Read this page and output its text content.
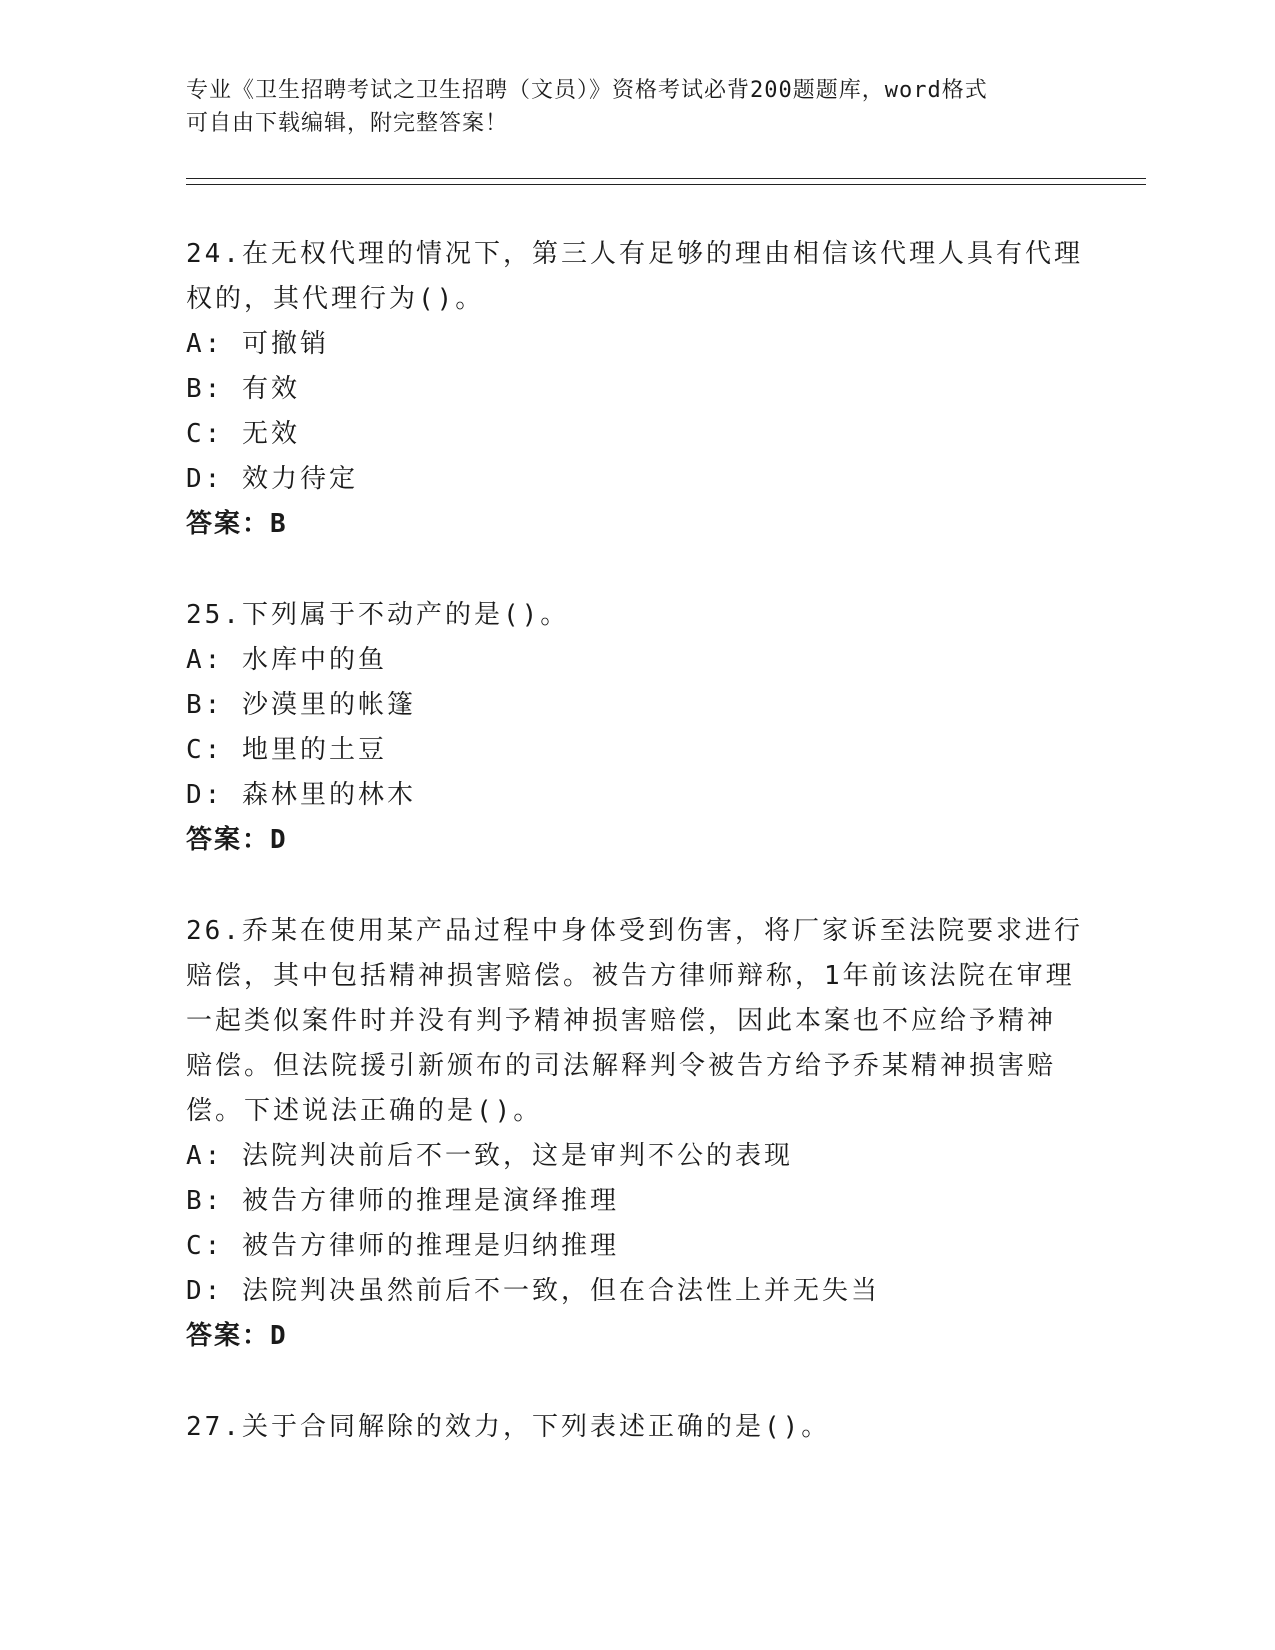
专业《卫生招聘考试之卫生招聘（文员）》资格考试必背200题题库，word格式
可自由下载编辑，附完整答案！
24.在无权代理的情况下，第三人有足够的理由相信该代理人具有代理
权的，其代理行为()。
A: 可撤销
B: 有效
C: 无效
D: 效力待定
答案：B
25.下列属于不动产的是()。
A: 水库中的鱼
B: 沙漠里的帐篷
C: 地里的土豆
D: 森林里的林木
答案：D
26.乔某在使用某产品过程中身体受到伤害，将厂家诉至法院要求进行
赔偿，其中包括精神损害赔偿。被告方律师辩称，1年前该法院在审理
一起类似案件时并没有判予精神损害赔偿，因此本案也不应给予精神
赔偿。但法院援引新颁布的司法解释判令被告方给予乔某精神损害赔
偿。下述说法正确的是()。
A: 法院判决前后不一致，这是审判不公的表现
B: 被告方律师的推理是演绎推理
C: 被告方律师的推理是归纳推理
D: 法院判决虽然前后不一致，但在合法性上并无失当
答案：D
27.关于合同解除的效力，下列表述正确的是()。
